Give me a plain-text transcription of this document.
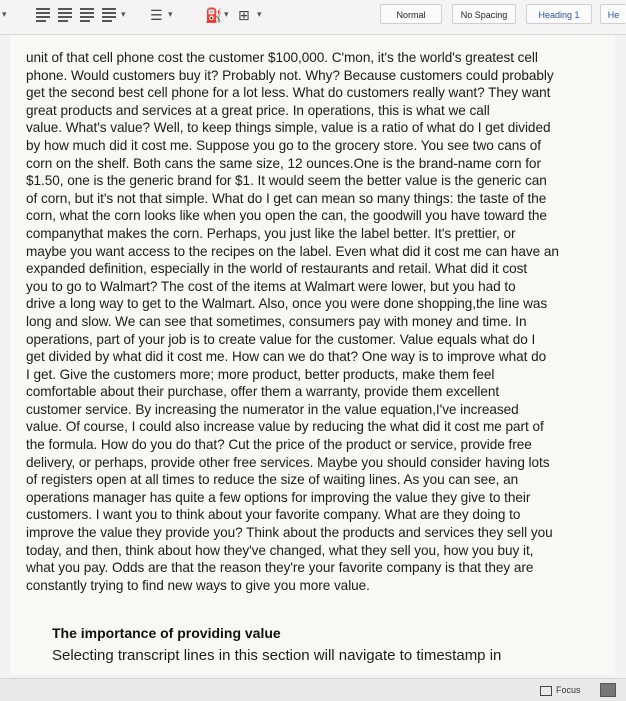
▾	▾ ☰ ▾ ⛽ ▾ ⊞ ▾	Normal	No Spacing	Heading 1	He

unit of that cell phone cost the customer $100,000. C'mon, it's the world's greatest cell
phone. Would customers buy it? Probably not. Why? Because customers could probably
get the second best cell phone for a lot less. What do customers really want? They want
great products and services at a great price. In operations, this is what we call
value. What's value? Well, to keep things simple, value is a ratio of what do I get divided
by how much did it cost me. Suppose you go to the grocery store. You see two cans of
corn on the shelf. Both cans the same size, 12 ounces.One is the brand-name corn for
$1.50, one is the generic brand for $1. It would seem the better value is the generic can
of corn, but it's not that simple. What do I get can mean so many things: the taste of the
corn, what the corn looks like when you open the can, the goodwill you have toward the
companythat makes the corn. Perhaps, you just like the label better. It's prettier, or
maybe you want access to the recipes on the label. Even what did it cost me can have an
expanded definition, especially in the world of restaurants and retail. What did it cost
you to go to Walmart? The cost of the items at Walmart were lower, but you had to
drive a long way to get to the Walmart. Also, once you were done shopping,the line was
long and slow. We can see that sometimes, consumers pay with money and time. In
operations, part of your job is to create value for the customer. Value equals what do I
get divided by what did it cost me. How can we do that? One way is to improve what do
I get. Give the customers more; more product, better products, make them feel
comfortable about their purchase, offer them a warranty, provide them excellent
customer service. By increasing the numerator in the value equation,I've increased
value. Of course, I could also increase value by reducing the what did it cost me part of
the formula. How do you do that? Cut the price of the product or service, provide free
delivery, or perhaps, provide other free services. Maybe you should consider having lots
of registers open at all times to reduce the size of waiting lines. As you can see, an
operations manager has quite a few options for improving the value they give to their
customers. I want you to think about your favorite company. What are they doing to
improve the value they provide you? Think about the products and services they sell you
today, and then, think about how they've changed, what they sell you, how you buy it,
what you pay. Odds are that the reason they're your favorite company is that they are
constantly trying to find new ways to give you more value.

The importance of providing value

Selecting transcript lines in this section will navigate to timestamp in

Focus
